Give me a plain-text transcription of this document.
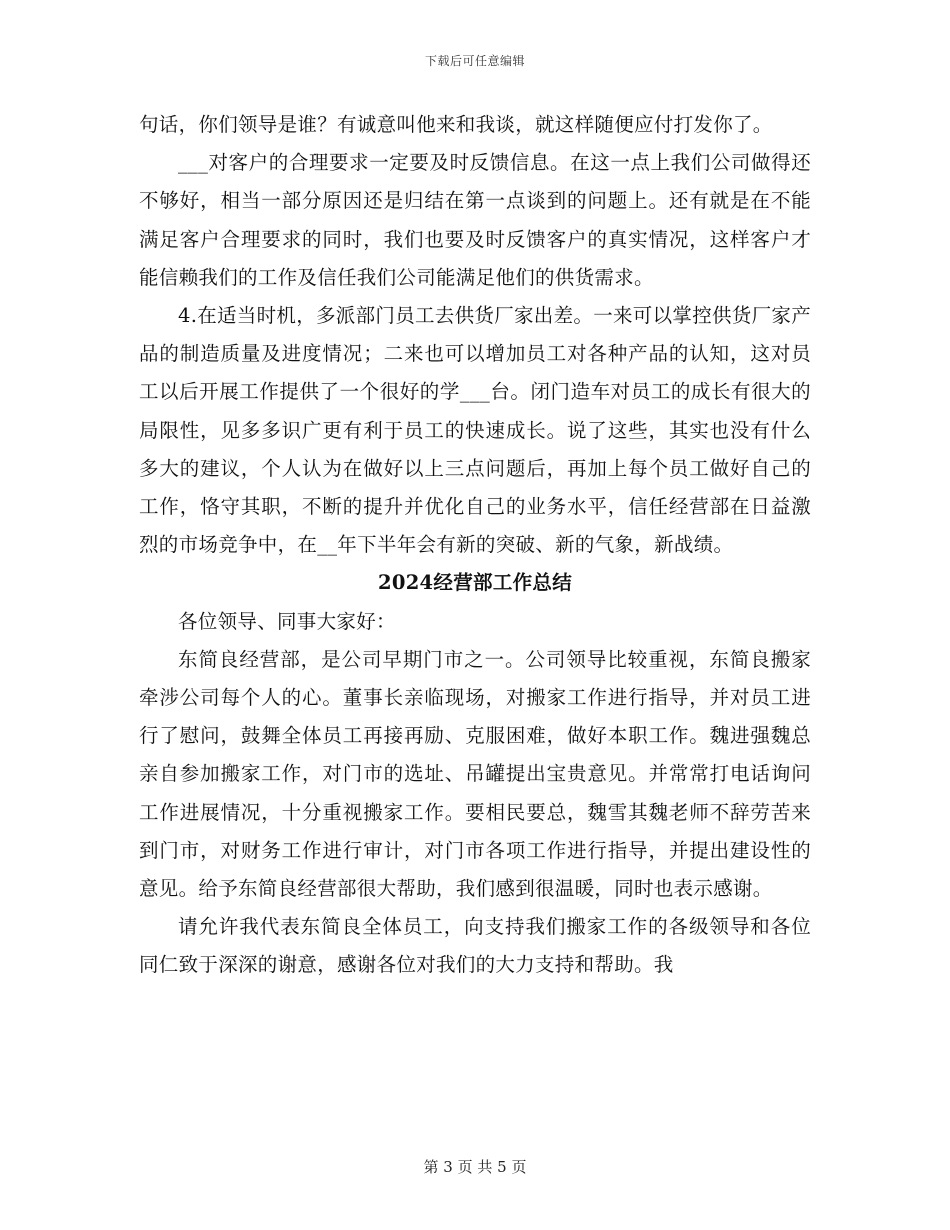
下载后可任意编辑

句话，你们领导是谁？有诚意叫他来和我谈，就这样随便应付打发你了。

___对客户的合理要求一定要及时反馈信息。在这一点上我们公司做得还不够好，相当一部分原因还是归结在第一点谈到的问题上。还有就是在不能满足客户合理要求的同时，我们也要及时反馈客户的真实情况，这样客户才能信赖我们的工作及信任我们公司能满足他们的供货需求。

4.在适当时机，多派部门员工去供货厂家出差。一来可以掌控供货厂家产品的制造质量及进度情况；二来也可以增加员工对各种产品的认知，这对员工以后开展工作提供了一个很好的学___台。闭门造车对员工的成长有很大的局限性，见多多识广更有利于员工的快速成长。说了这些，其实也没有什么多大的建议，个人认为在做好以上三点问题后，再加上每个员工做好自己的工作，恪守其职，不断的提升并优化自己的业务水平，信任经营部在日益激烈的市场竞争中，在__年下半年会有新的突破、新的气象，新战绩。

2024经营部工作总结

各位领导、同事大家好：

东简良经营部，是公司早期门市之一。公司领导比较重视，东简良搬家牵涉公司每个人的心。董事长亲临现场，对搬家工作进行指导，并对员工进行了慰问，鼓舞全体员工再接再励、克服困难，做好本职工作。魏进强魏总亲自参加搬家工作，对门市的选址、吊罐提出宝贵意见。并常常打电话询问工作进展情况，十分重视搬家工作。要相民要总，魏雪其魏老师不辞劳苦来到门市，对财务工作进行审计，对门市各项工作进行指导，并提出建设性的意见。给予东简良经营部很大帮助，我们感到很温暖，同时也表示感谢。

请允许我代表东简良全体员工，向支持我们搬家工作的各级领导和各位同仁致于深深的谢意，感谢各位对我们的大力支持和帮助。我

第 3 页 共 5 页
